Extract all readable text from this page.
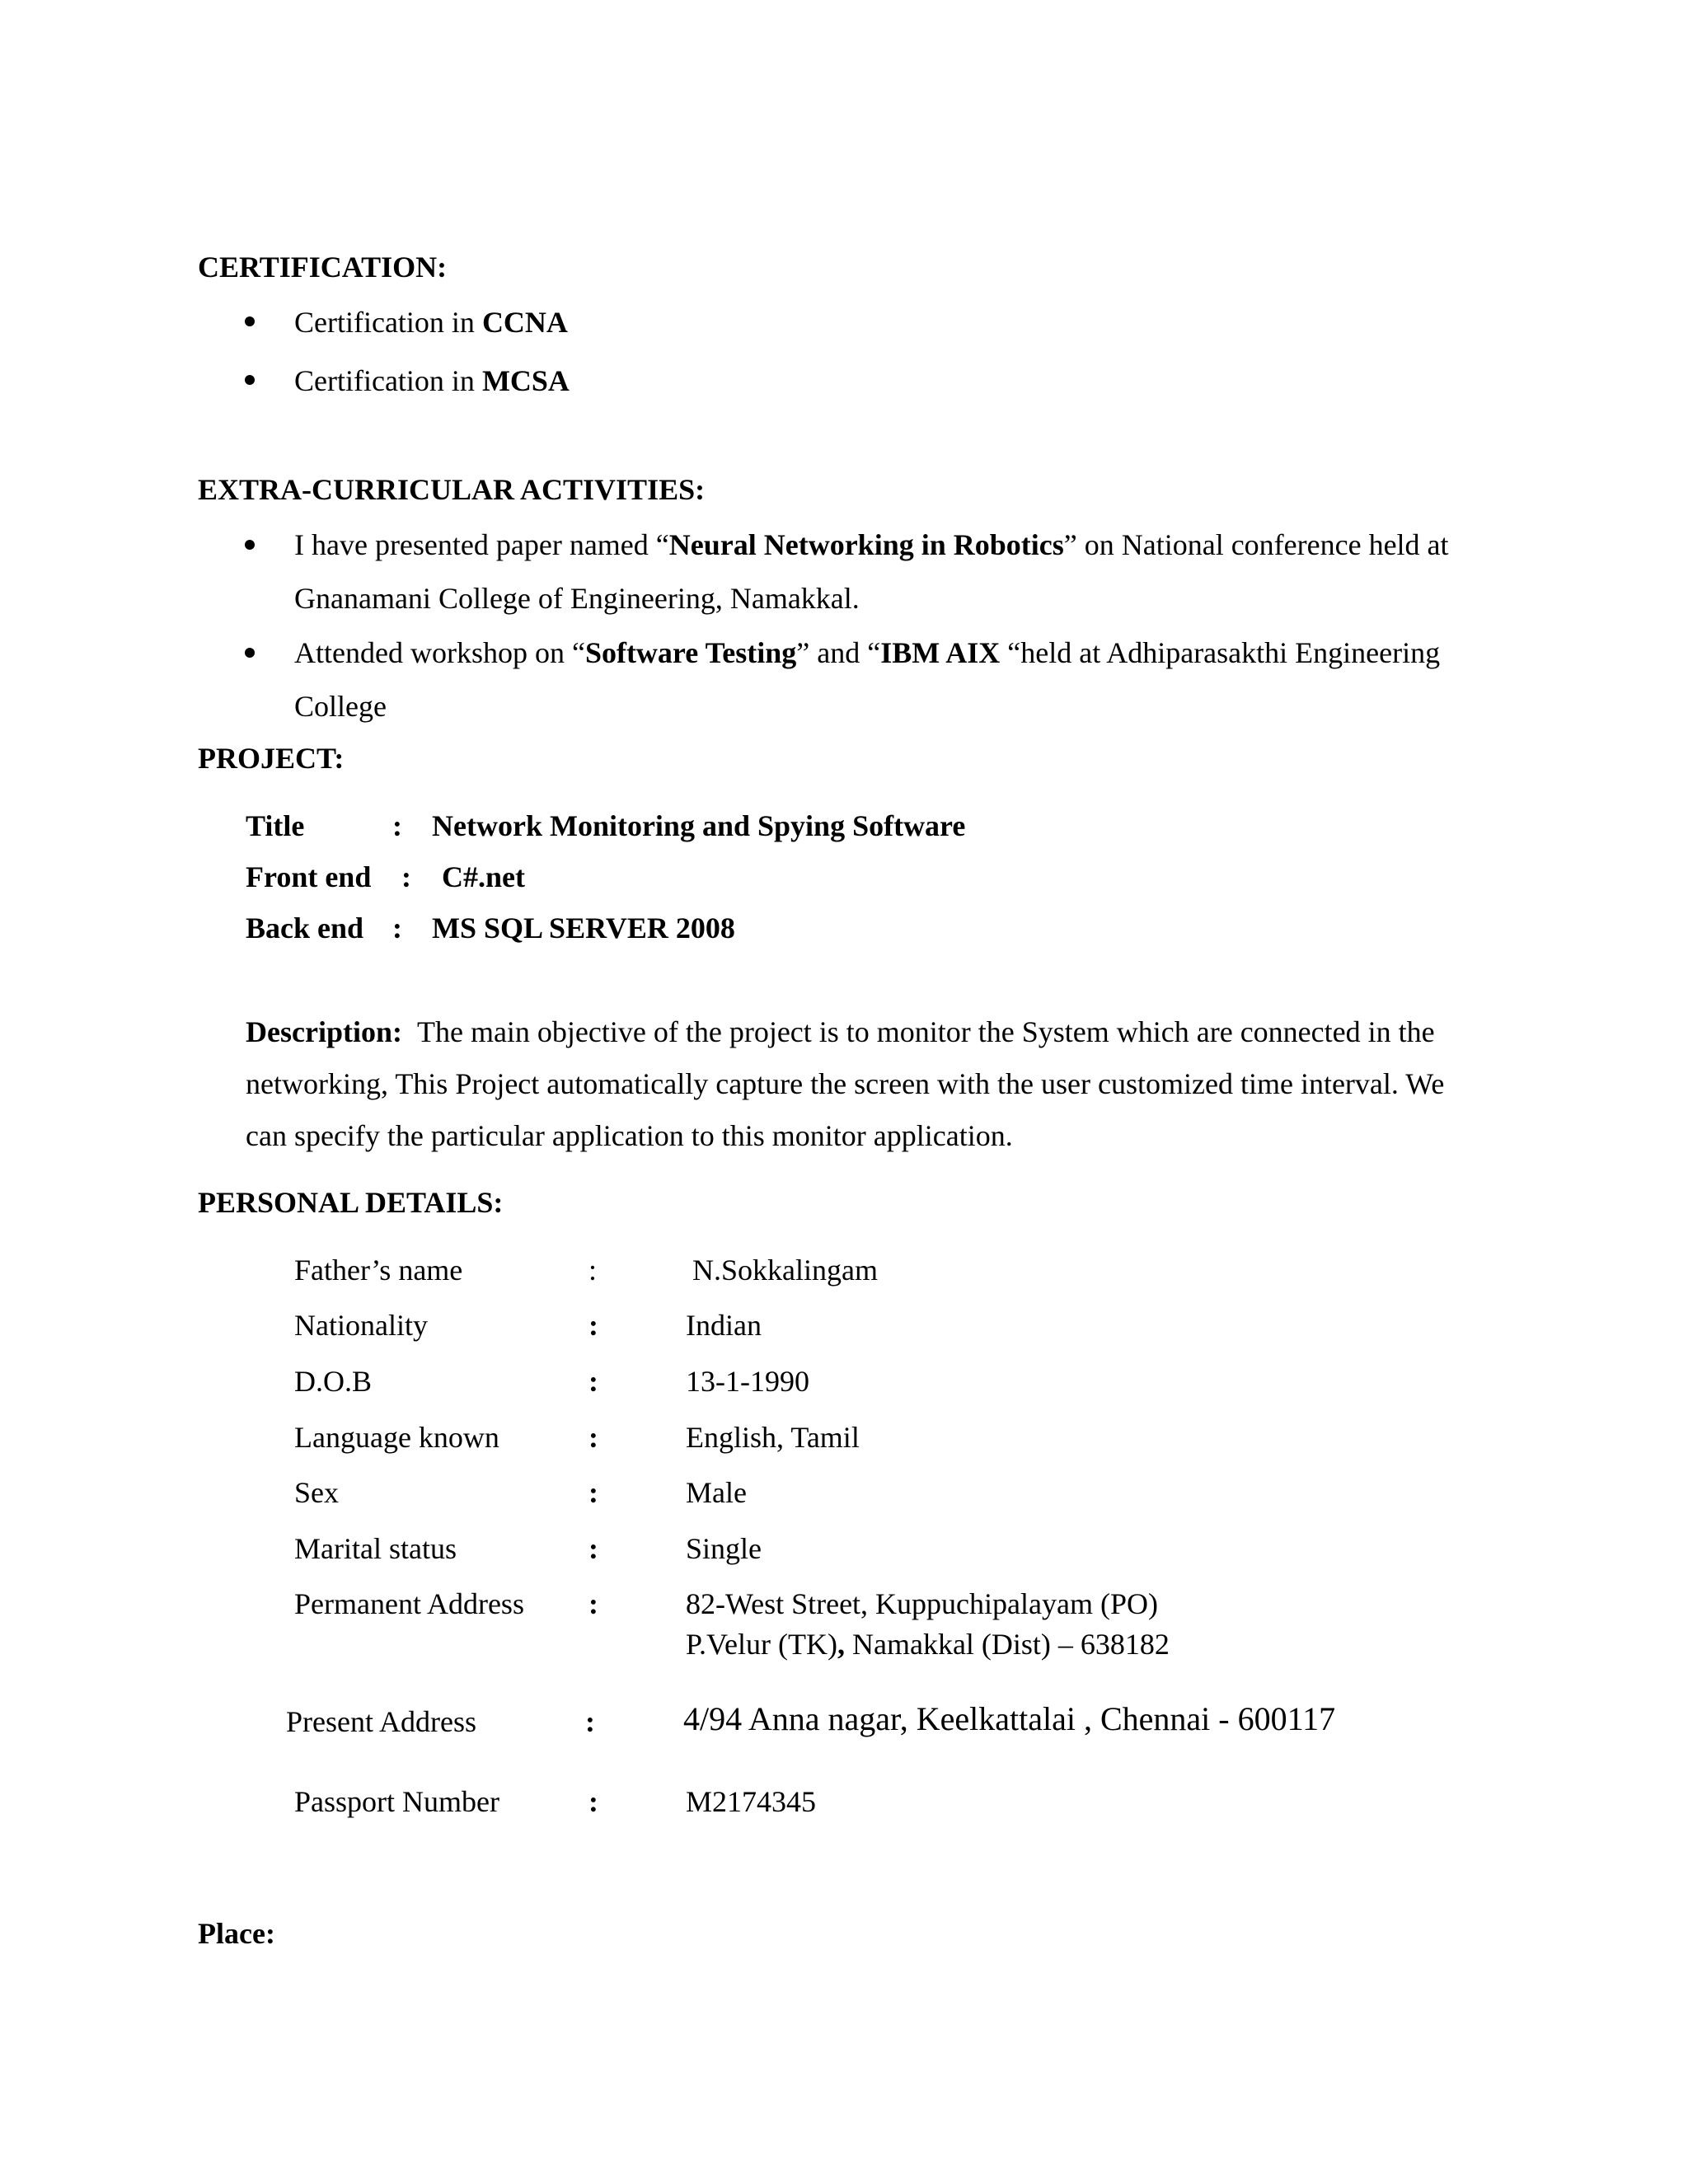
CERTIFICATION:
Certification in CCNA
Certification in MCSA
EXTRA-CURRICULAR ACTIVITIES:
I have presented paper named “Neural Networking in Robotics” on National conference held at
Gnanamani College of Engineering, Namakkal.
Attended workshop on “Software Testing” and “IBM AIX “held at Adhiparasakthi Engineering
College
PROJECT:
Title	: Network Monitoring and Spying Software
Front end : C#.net
Back end : MS SQL SERVER 2008
Description: The main objective of the project is to monitor the System which are connected in the
networking, This Project automatically capture the screen with the user customized time interval. We
can specify the particular application to this monitor application.
PERSONAL DETAILS:
Father’s name	:	N.Sokkalingam
Nationality	:	Indian
D.O.B	:	13-1-1990
Language known	:	English, Tamil
Sex	:	Male
Marital status	:	Single
Permanent Address :	82-West Street, Kuppuchipalayam (PO)
P.Velur (TK), Namakkal (Dist) – 638182
Present Address	:	4/94 Anna nagar, Keelkattalai , Chennai - 600117
Passport Number	:	M2174345
Place:
